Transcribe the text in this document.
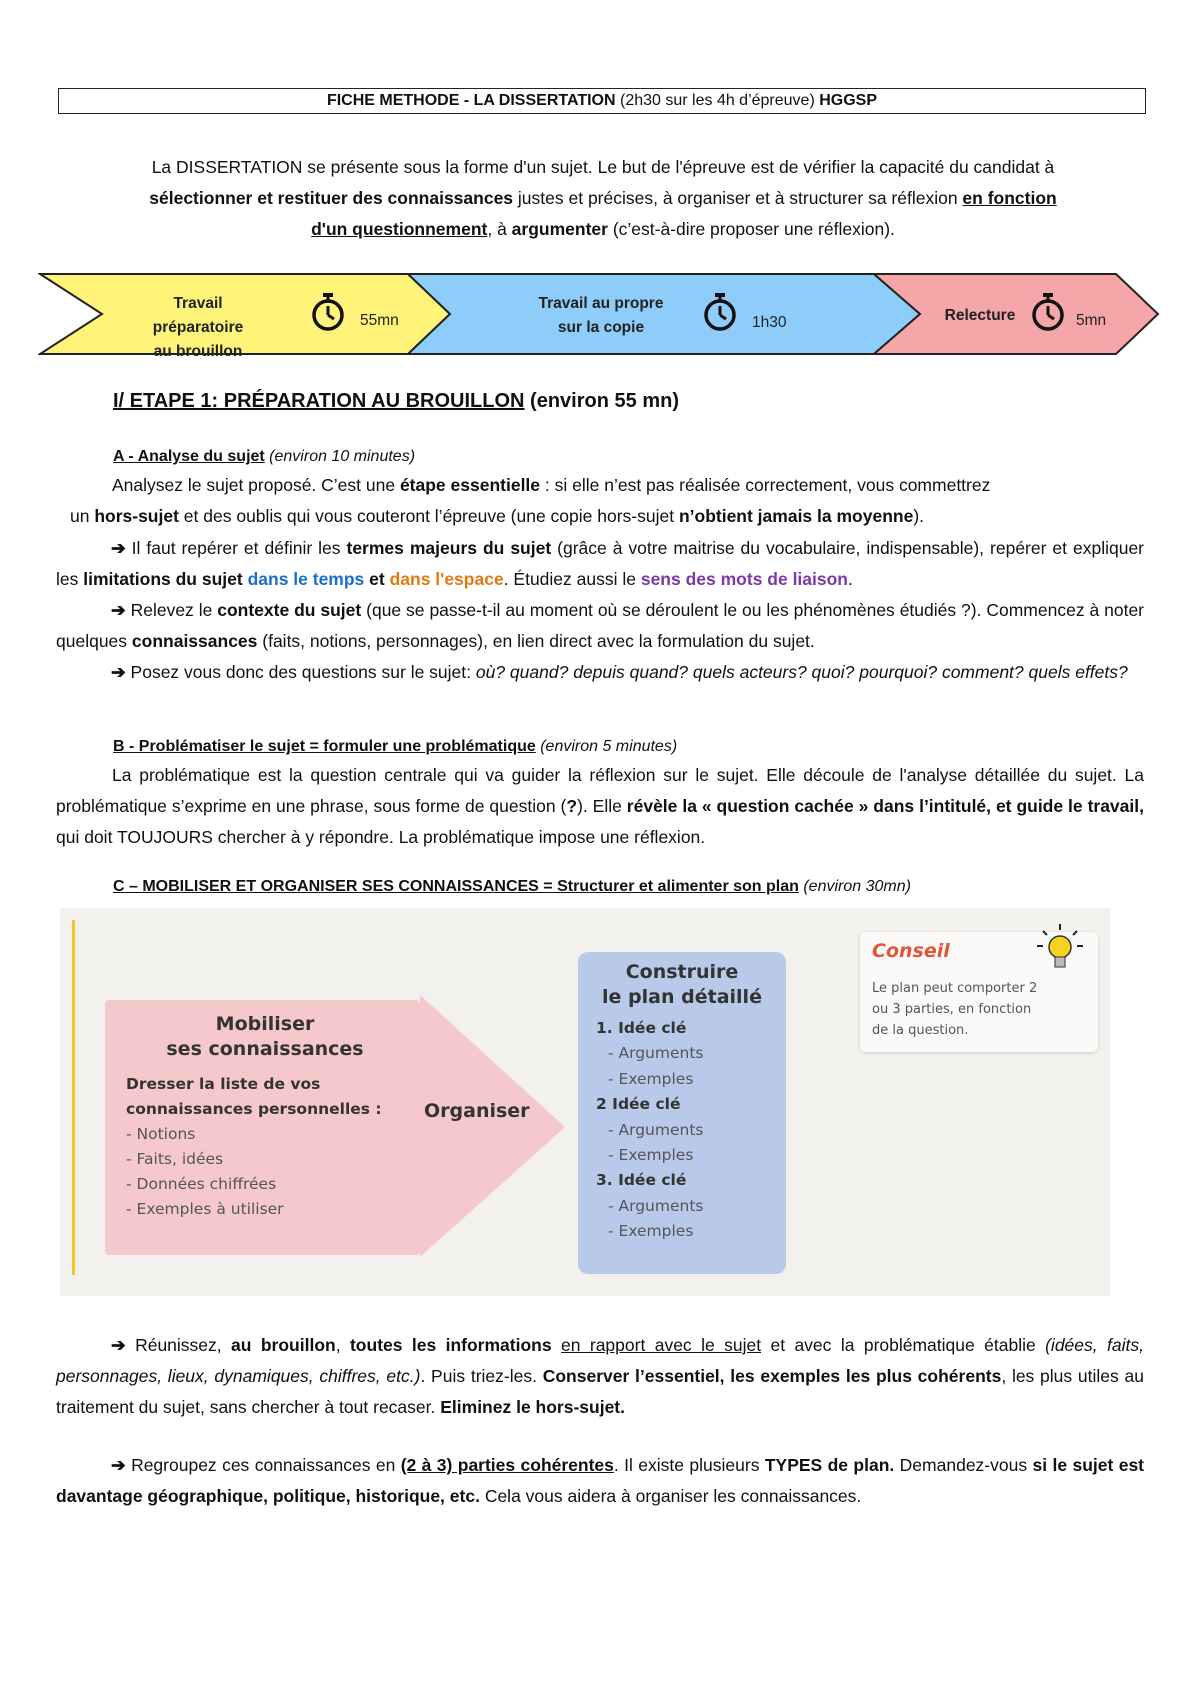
FICHE METHODE - LA DISSERTATION (2h30 sur les 4h d’épreuve) HGGSP
La DISSERTATION se présente sous la forme d'un sujet. Le but de l'épreuve est de vérifier la capacité du candidat à
sélectionner et restituer des connaissances justes et précises, à organiser et à structurer sa réflexion en fonction
d'un questionnement, à argumenter (c’est-à-dire proposer une réflexion).
Travail préparatoire
au brouillon
55mn
Travail au propre
sur la copie	1h30	Relecture	5mn
I/ ETAPE 1: PRÉPARATION AU BROUILLON (environ 55 mn)
A - Analyse du sujet (environ 10 minutes)
Analysez le sujet proposé. C’est une étape essentielle : si elle n’est pas réalisée correctement, vous commettrez
un hors-sujet et des oublis qui vous couteront l’épreuve (une copie hors-sujet n’obtient jamais la moyenne).
➔ Il faut repérer et définir les termes majeurs du sujet (grâce à votre maitrise du vocabulaire, indispensable), repérer et expliquer les limitations du sujet dans le temps et dans l'espace. Étudiez aussi le sens des mots de liaison.
➔ Relevez le contexte du sujet (que se passe-t-il au moment où se déroulent le ou les phénomènes étudiés ?). Commencez à noter quelques connaissances (faits, notions, personnages), en lien direct avec la formulation du sujet.
➔ Posez vous donc des questions sur le sujet: où? quand? depuis quand? quels acteurs? quoi? pourquoi? comment? quels effets?
B - Problématiser le sujet = formuler une problématique (environ 5 minutes)
La problématique est la question centrale qui va guider la réflexion sur le sujet. Elle découle de l'analyse détaillée du sujet. La problématique s’exprime en une phrase, sous forme de question (?). Elle révèle la « question cachée » dans l’intitulé, et guide le travail, qui doit TOUJOURS chercher à y répondre. La problématique impose une réflexion.
C – MOBILISER ET ORGANISER SES CONNAISSANCES = Structurer et alimenter son plan (environ 30mn)
Mobiliser
ses connaissances
Dresser la liste de vos
connaissances personnelles :
- Notions
- Faits, idées
- Données chiffrées
- Exemples à utiliser
Organiser
Construire
le plan détaillé
1. Idée clé
- Arguments
- Exemples
2 Idée clé
- Arguments
- Exemples
3. Idée clé
- Arguments
- Exemples
Conseil
Le plan peut comporter 2
ou 3 parties, en fonction
de la question.
➔ Réunissez, au brouillon, toutes les informations en rapport avec le sujet et avec la problématique établie (idées, faits, personnages, lieux, dynamiques, chiffres, etc.). Puis triez-les. Conserver l’essentiel, les exemples les plus cohérents, les plus utiles au traitement du sujet, sans chercher à tout recaser. Eliminez le hors-sujet.
➔ Regroupez ces connaissances en (2 à 3) parties cohérentes. Il existe plusieurs TYPES de plan. Demandez-vous si le sujet est davantage géographique, politique, historique, etc. Cela vous aidera à organiser les connaissances.
